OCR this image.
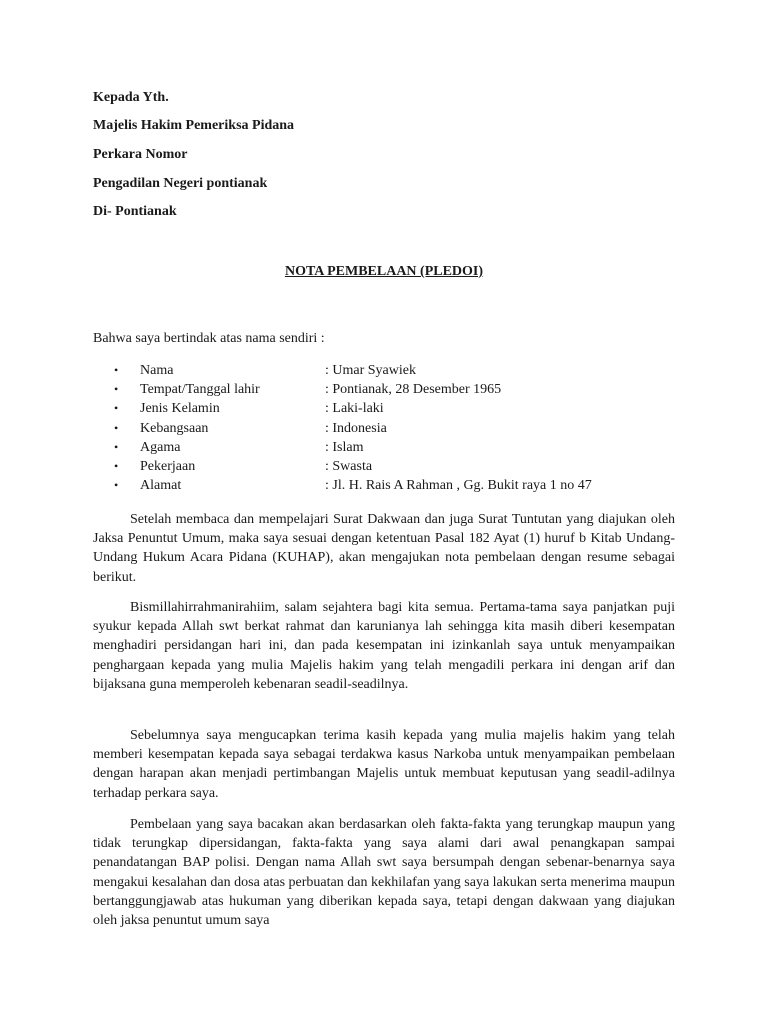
Kepada Yth.
Majelis Hakim Pemeriksa Pidana
Perkara Nomor
Pengadilan Negeri pontianak
Di- Pontianak
NOTA PEMBELAAN (PLEDOI)
Bahwa saya bertindak atas nama sendiri :
• Nama	: Umar Syawiek
• Tempat/Tanggal lahir	: Pontianak, 28 Desember 1965
• Jenis Kelamin	: Laki-laki
• Kebangsaan	: Indonesia
• Agama	: Islam
• Pekerjaan	: Swasta
• Alamat	: Jl. H. Rais A Rahman , Gg. Bukit raya 1 no 47

Setelah membaca dan mempelajari Surat Dakwaan dan juga Surat Tuntutan yang diajukan oleh Jaksa Penuntut Umum, maka saya sesuai dengan ketentuan Pasal 182 Ayat (1) huruf b Kitab Undang-Undang Hukum Acara Pidana (KUHAP), akan mengajukan nota pembelaan dengan resume sebagai berikut.

Bismillahirrahmanirahiim, salam sejahtera bagi kita semua. Pertama-tama saya panjatkan puji syukur kepada Allah swt berkat rahmat dan karunianya lah sehingga kita masih diberi kesempatan menghadiri persidangan hari ini, dan pada kesempatan ini izinkanlah saya untuk menyampaikan penghargaan kepada yang mulia Majelis hakim yang telah mengadili perkara ini dengan arif dan bijaksana guna memperoleh kebenaran seadil-seadilnya.

Sebelumnya saya mengucapkan terima kasih kepada yang mulia majelis hakim yang telah memberi kesempatan kepada saya sebagai terdakwa kasus Narkoba untuk menyampaikan pembelaan dengan harapan akan menjadi pertimbangan Majelis untuk membuat keputusan yang seadil-adilnya terhadap perkara saya.

Pembelaan yang saya bacakan akan berdasarkan oleh fakta-fakta yang terungkap maupun yang tidak terungkap dipersidangan, fakta-fakta yang saya alami dari awal penangkapan sampai penandatangan BAP polisi. Dengan nama Allah swt saya bersumpah dengan sebenar-benarnya saya mengakui kesalahan dan dosa atas perbuatan dan kekhilafan yang saya lakukan serta menerima maupun bertanggungjawab atas hukuman yang diberikan kepada saya, tetapi dengan dakwaan yang diajukan oleh jaksa penuntut umum saya
